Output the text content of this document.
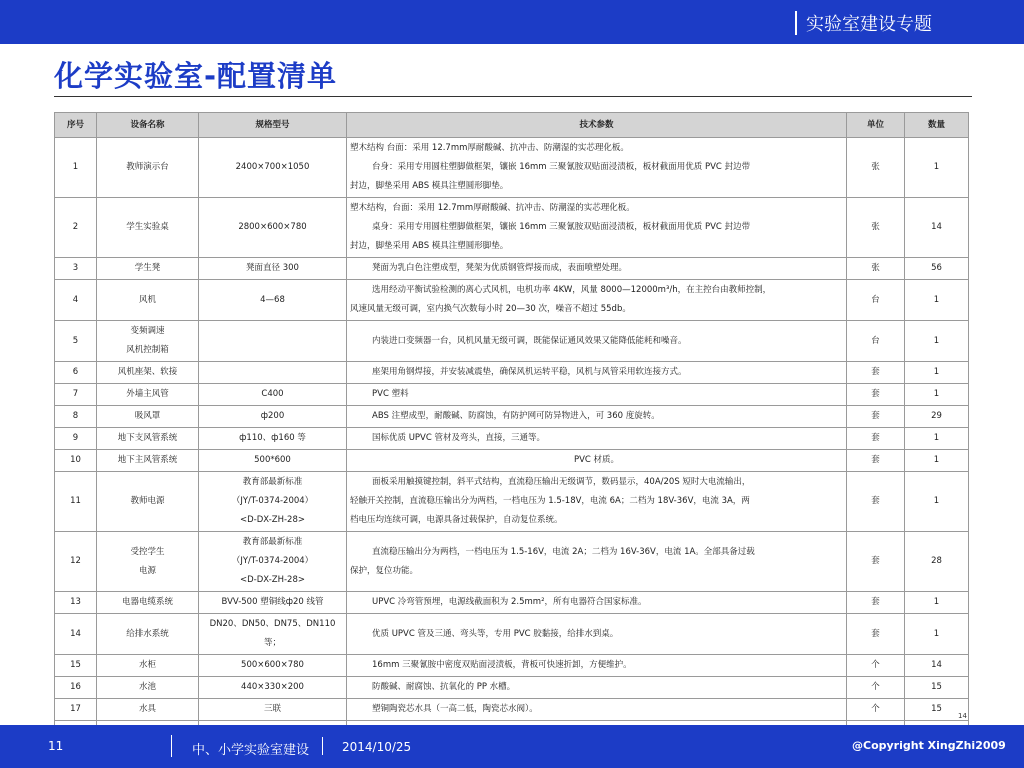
实验室建设专题
化学实验室-配置清单
序号	设备名称	规格型号	技术参数	单位	数量
1	教师演示台	2400×700×1050	塑木结构 台面：采用 12.7mm厚耐酸碱、抗冲击、防潮湿的实芯理化板。
台身：采用专用圆柱塑脚做框架，镶嵌 16mm 三聚氰胺双贴面浸渍板，板材截面用优质 PVC 封边带
封边，脚垫采用 ABS 模具注塑圆形脚垫。	张	1
2	学生实验桌	2800×600×780	塑木结构，台面：采用 12.7mm厚耐酸碱、抗冲击、防潮湿的实芯理化板。
桌身：采用专用圆柱塑脚做框架，镶嵌 16mm 三聚氰胺双贴面浸渍板，板材截面用优质 PVC 封边带
封边，脚垫采用 ABS 模具注塑圆形脚垫。	张	14
3	学生凳	凳面直径 300	凳面为乳白色注塑成型，凳架为优质钢管焊接而成，表面喷塑处理。	张	56
4	风机	4—68	选用经动平衡试验检测的离心式风机，电机功率 4KW，风量 8000—12000m³/h，在主控台由教师控制，
风速风量无级可调，室内换气次数每小时 20—30 次，噪音不超过 55db。	台	1
5	变频调速
风机控制箱		内装进口变频器一台，风机风量无级可调，既能保证通风效果又能降低能耗和噪音。	台	1
6	风机座架、软接		座架用角钢焊接，并安装减震垫，确保风机运转平稳，风机与风管采用软连接方式。	套	1
7	外墙主风管	Ⅽ400	PVC 塑料	套	1
8	吸风罩	ф200	ABS 注塑成型，耐酸碱、防腐蚀，有防护网可防异物进入，可 360 度旋转。	套	29
9	地下支风管系统	ф110、ф160 等	国标优质 UPVC 管材及弯头，直接，三通等。	套	1
10	地下主风管系统	500*600	PVC 材质。	套	1
11	教师电源	教育部最新标准
（JY/T-0374-2004）
<D-DX-ZH-28>	面板采用触摸键控制，斜平式结构，直流稳压输出无级调节，数码显示，40A/20S 短时大电流输出，
轻触开关控制，直流稳压输出分为两档，一档电压为 1.5-18V，电流 6A；二档为 18V-36V，电流 3A，两
档电压均连续可调，电源具备过载保护，自动复位系统。	套	1
12	受控学生
电源	教育部最新标准
（JY/T-0374-2004）
<D-DX-ZH-28>	直流稳压输出分为两档，一档电压为 1.5-16V，电流 2A；二档为 16V-36V，电流 1A。全部具备过载
保护，复位功能。	套	28
13	电器电缆系统	BVV-500 塑铜线ф20 线管	UPVC 冷弯管预埋，电源线截面积为 2.5mm²，所有电器符合国家标准。	套	1
14	给排水系统	DN20、DN50、DN75、DN110 等；	优质 UPVC 管及三通、弯头等，专用 PVC 胶黏接，给排水到桌。	套	1
15	水柜	500×600×780	16mm 三聚氰胺中密度双贴面浸渍板，背板可快速折卸，方便维护。	个	14
16	水池	440×330×200	防酸碱、耐腐蚀、抗氧化的 PP 水槽。	个	15
17	水具	三联	塑铜陶瓷芯水具（一高二低，陶瓷芯水阀）。	个	15

14
11	中、小学实验室建设	2014/10/25	@Copyright XingZhi2009
